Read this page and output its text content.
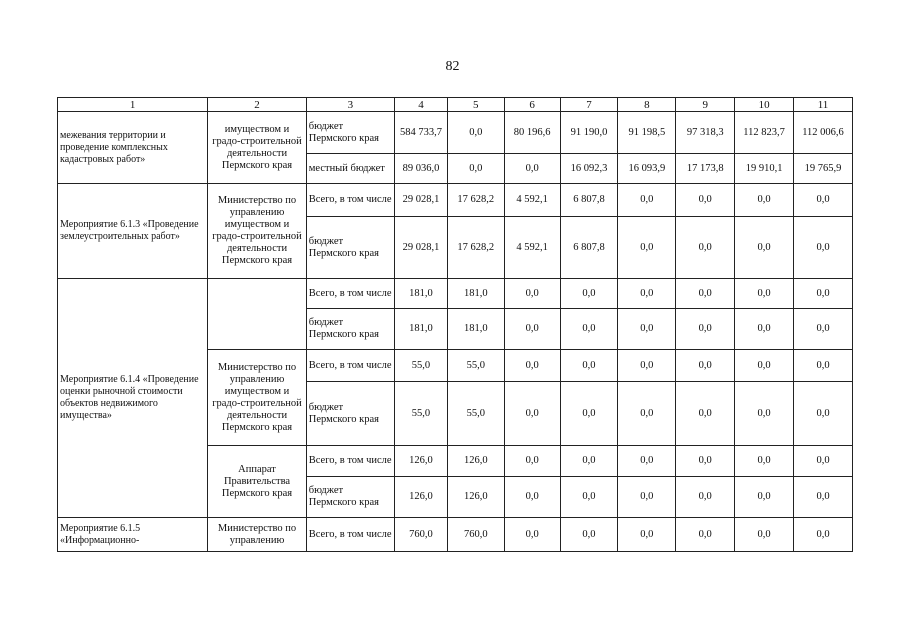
82
1	2	3	4	5	6	7	8	9	10	11
межевания территории и проведение комплексных кадастровых работ»	имуществом и градо-строительной деятельности Пермского края	бюджет Пермского края	584 733,7	0,0	80 196,6	91 190,0	91 198,5	97 318,3	112 823,7	112 006,6
		местный бюджет	89 036,0	0,0	0,0	16 092,3	16 093,9	17 173,8	19 910,1	19 765,9
Мероприятие 6.1.3 «Проведение землеустроительных работ»	Министерство по управлению имуществом и градо-строительной деятельности Пермского края	Всего, в том числе	29 028,1	17 628,2	4 592,1	6 807,8	0,0	0,0	0,0	0,0
		бюджет Пермского края	29 028,1	17 628,2	4 592,1	6 807,8	0,0	0,0	0,0	0,0
Мероприятие 6.1.4 «Проведение оценки рыночной стоимости объектов недвижимого имущества»		Всего, в том числе	181,0	181,0	0,0	0,0	0,0	0,0	0,0	0,0
		бюджет Пермского края	181,0	181,0	0,0	0,0	0,0	0,0	0,0	0,0
	Министерство по управлению имуществом и градо-строительной деятельности Пермского края	Всего, в том числе	55,0	55,0	0,0	0,0	0,0	0,0	0,0	0,0
		бюджет Пермского края	55,0	55,0	0,0	0,0	0,0	0,0	0,0	0,0
	Аппарат Правительства Пермского края	Всего, в том числе	126,0	126,0	0,0	0,0	0,0	0,0	0,0	0,0
		бюджет Пермского края	126,0	126,0	0,0	0,0	0,0	0,0	0,0	0,0
Мероприятие 6.1.5 «Информационно-	Министерство по управлению	Всего, в том числе	760,0	760,0	0,0	0,0	0,0	0,0	0,0	0,0
